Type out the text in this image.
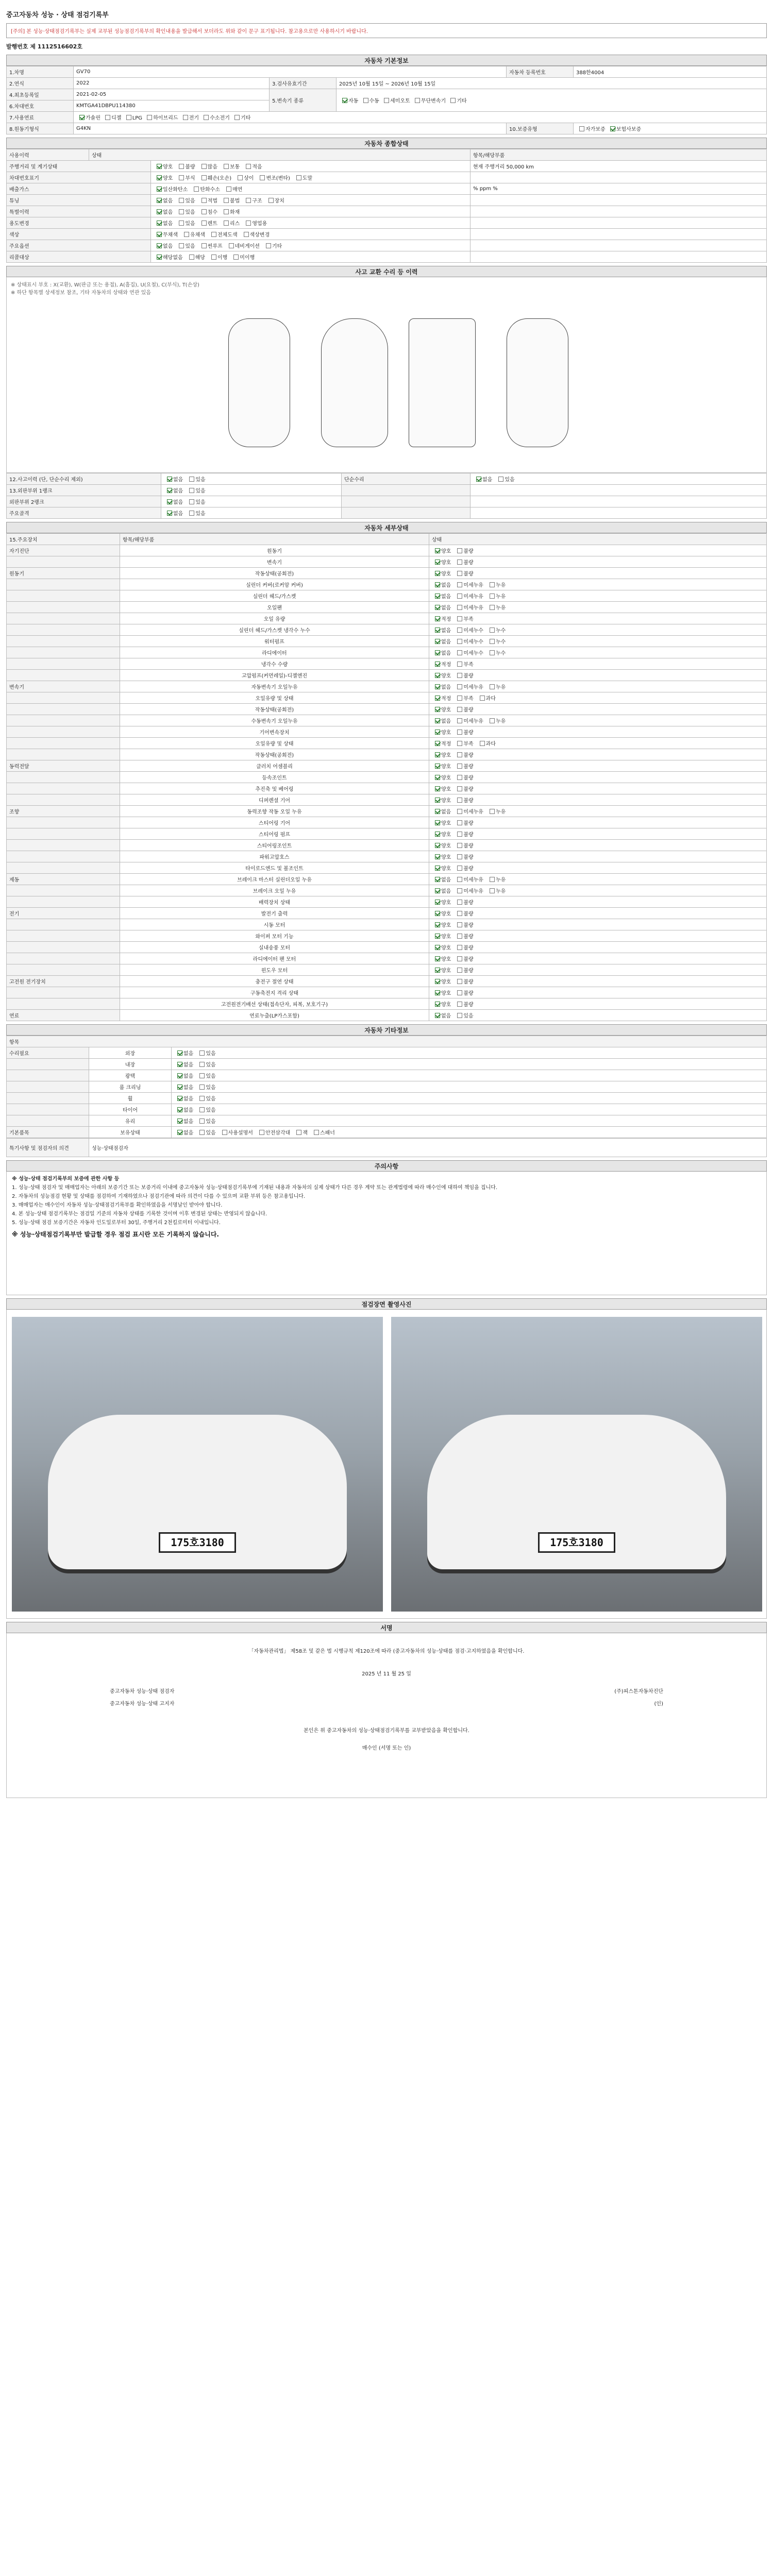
중고자동차 성능 · 상태 점검기록부
[주의] 본 성능·상태점검기록부는 실제 교부된 성능점검기록부의 확인내용을 발급해서 보더라도 위와 같이 문구 표기됩니다. 참고용으로만 사용하시기 바랍니다.
발행번호 제 1112516602호
자동차 기본정보
1.차명	GV70			자동차 등록번호	388한4004
2.연식	2022	3.검사유효기간	2025년 10월 15일 ~ 2026년 10월 15일		
4.최초등록일	2021-02-05	5.변속기 종류	자동 수동 세미오토 무단변속기 기타		
6.차대번호	KMTGA41DBPU114380				
7.사용연료	가솔린 디젤 LPG 하이브리드 전기 수소전기 기타				
8.원동기형식	G4KN			10.보증유형	자가보증 보험사보증
자동차 종합상태
사용이력	상태		항목/해당부품
주행거리 및 계기상태		양호 불량 많음 보통 적음	현재 주행거리 50,000 km
차대번호표기		양호 부식 훼손(오손) 상이 변조(변타) 도말	
배출가스		일산화탄소 탄화수소 매연	% ppm %
튜닝		없음 있음 적법 불법 구조 장치	
특별이력		없음 있음 침수 화재	
용도변경		없음 있음 렌트 리스 영업용	
색상		무채색 유채색 전체도색 색상변경	
주요옵션		없음 있음 썬루프 네비게이션 기타	
리콜대상		해당없음 해당 이행 미이행	
사고 교환 수리 등 이력
※ 상태표시 부호 : X(교환), W(판금 또는 용접), A(흠집), U(요철), C(부식), T(손상)
※ 하단 항목별 상세정보 참조, 기타 자동차의 상태와 연관 있음
12.사고이력 (단, 단순수리 제외)	없음 있음	단순수리	없음 있음
13.외판부위 1랭크	없음 있음		
외판부위 2랭크	없음 있음		
주요골격	없음 있음		
자동차 세부상태
15.주요장치	항목/해당부품	상태
자기진단	원동기	양호 불량
	변속기	양호 불량
원동기	작동상태(공회전)	양호 불량
	실린더 커버(로커암 커버)	없음 미세누유 누유
	실린더 헤드/가스켓	없음 미세누유 누유
	오일팬	없음 미세누유 누유
	오일 유량	적정 부족
	실린더 헤드/가스켓 냉각수 누수	없음 미세누수 누수
	워터펌프	없음 미세누수 누수
	라디에이터	없음 미세누수 누수
	냉각수 수량	적정 부족
	고압펌프(커먼레일)-디젤엔진	양호 불량
변속기	자동변속기 오일누유	없음 미세누유 누유
	오일유량 및 상태	적정 부족 과다
	작동상태(공회전)	양호 불량
	수동변속기 오일누유	없음 미세누유 누유
	기어변속장치	양호 불량
	오일유량 및 상태	적정 부족 과다
	작동상태(공회전)	양호 불량
동력전달	클러치 어셈블리	양호 불량
	등속조인트	양호 불량
	추진축 및 베어링	양호 불량
	디퍼렌셜 기어	양호 불량
조향	동력조향 작동 오일 누유	없음 미세누유 누유
	스티어링 기어	양호 불량
	스티어링 펌프	양호 불량
	스티어링조인트	양호 불량
	파워고압호스	양호 불량
	타이로드엔드 및 볼조인트	양호 불량
제동	브레이크 마스터 실린더오일 누유	없음 미세누유 누유
	브레이크 오일 누유	없음 미세누유 누유
	배력장치 상태	양호 불량
전기	발전기 출력	양호 불량
	시동 모터	양호 불량
	와이퍼 모터 기능	양호 불량
	실내송풍 모터	양호 불량
	라디에이터 팬 모터	양호 불량
	윈도우 모터	양호 불량
고전원 전기장치	충전구 절연 상태	양호 불량
	구동축전지 격리 상태	양호 불량
	고전원전기배선 상태(접속단자, 피복, 보호기구)	양호 불량
연료	연료누출(LP가스포함)	없음 있음
자동차 기타정보
항목		
수리필요	외장	없음 있음
	내장	없음 있음
	광택	없음 있음
	룸 크리닝	없음 있음
	휠	없음 있음
	타이어	없음 있음
	유리	없음 있음
기본품목	보유상태	없음 있음 사용설명서 안전삼각대 잭 스패너
특기사항 및 점검자의 의견	성능·상태점검자
주의사항

※ 성능·상태 점검기록부의 보증에 관한 사항 등

1. 성능·상태 점검자 및 매매업자는 아래의 보증기간 또는 보증거리 이내에 중고자동차 성능·상태점검기록부에 기재된 내용과 자동차의 실제 상태가 다른 경우 계약 또는 관계법령에 따라 매수인에 대하여 책임을 집니다.

2. 자동차의 성능점검 현황 및 상태를 점검하여 기재하였으나 점검기관에 따라 의견이 다를 수 있으며 교환 부위 등은 참고용입니다.

3. 매매업자는 매수인이 자동차 성능·상태점검기록부를 확인하였음을 서명날인 받아야 합니다.

4. 본 성능·상태 점검기록부는 점검일 기준의 자동차 상태를 기록한 것이며 이후 변경된 상태는 반영되지 않습니다.

5. 성능·상태 점검 보증기간은 자동차 인도일로부터 30일, 주행거리 2천킬로미터 이내입니다.

※ 성능·상태점검기록부만 발급할 경우 점검 표시란 모든 기록하지 않습니다.

점검장면 촬영사진
175호3180	175호3180
서명
「자동차관리법」 제58조 및 같은 법 시행규칙 제120조에 따라 (중고자동차의 성능·상태를 점검·고지하였음을 확인합니다.
2025 년 11 월 25 일
중고자동차 성능·상태 점검자	(주)피스톤자동차진단
중고자동차 성능·상태 고지자	(인)
본인은 위 중고자동차의 성능·상태점검기록부를 교부받았음을 확인합니다.
매수인 (서명 또는 인)
